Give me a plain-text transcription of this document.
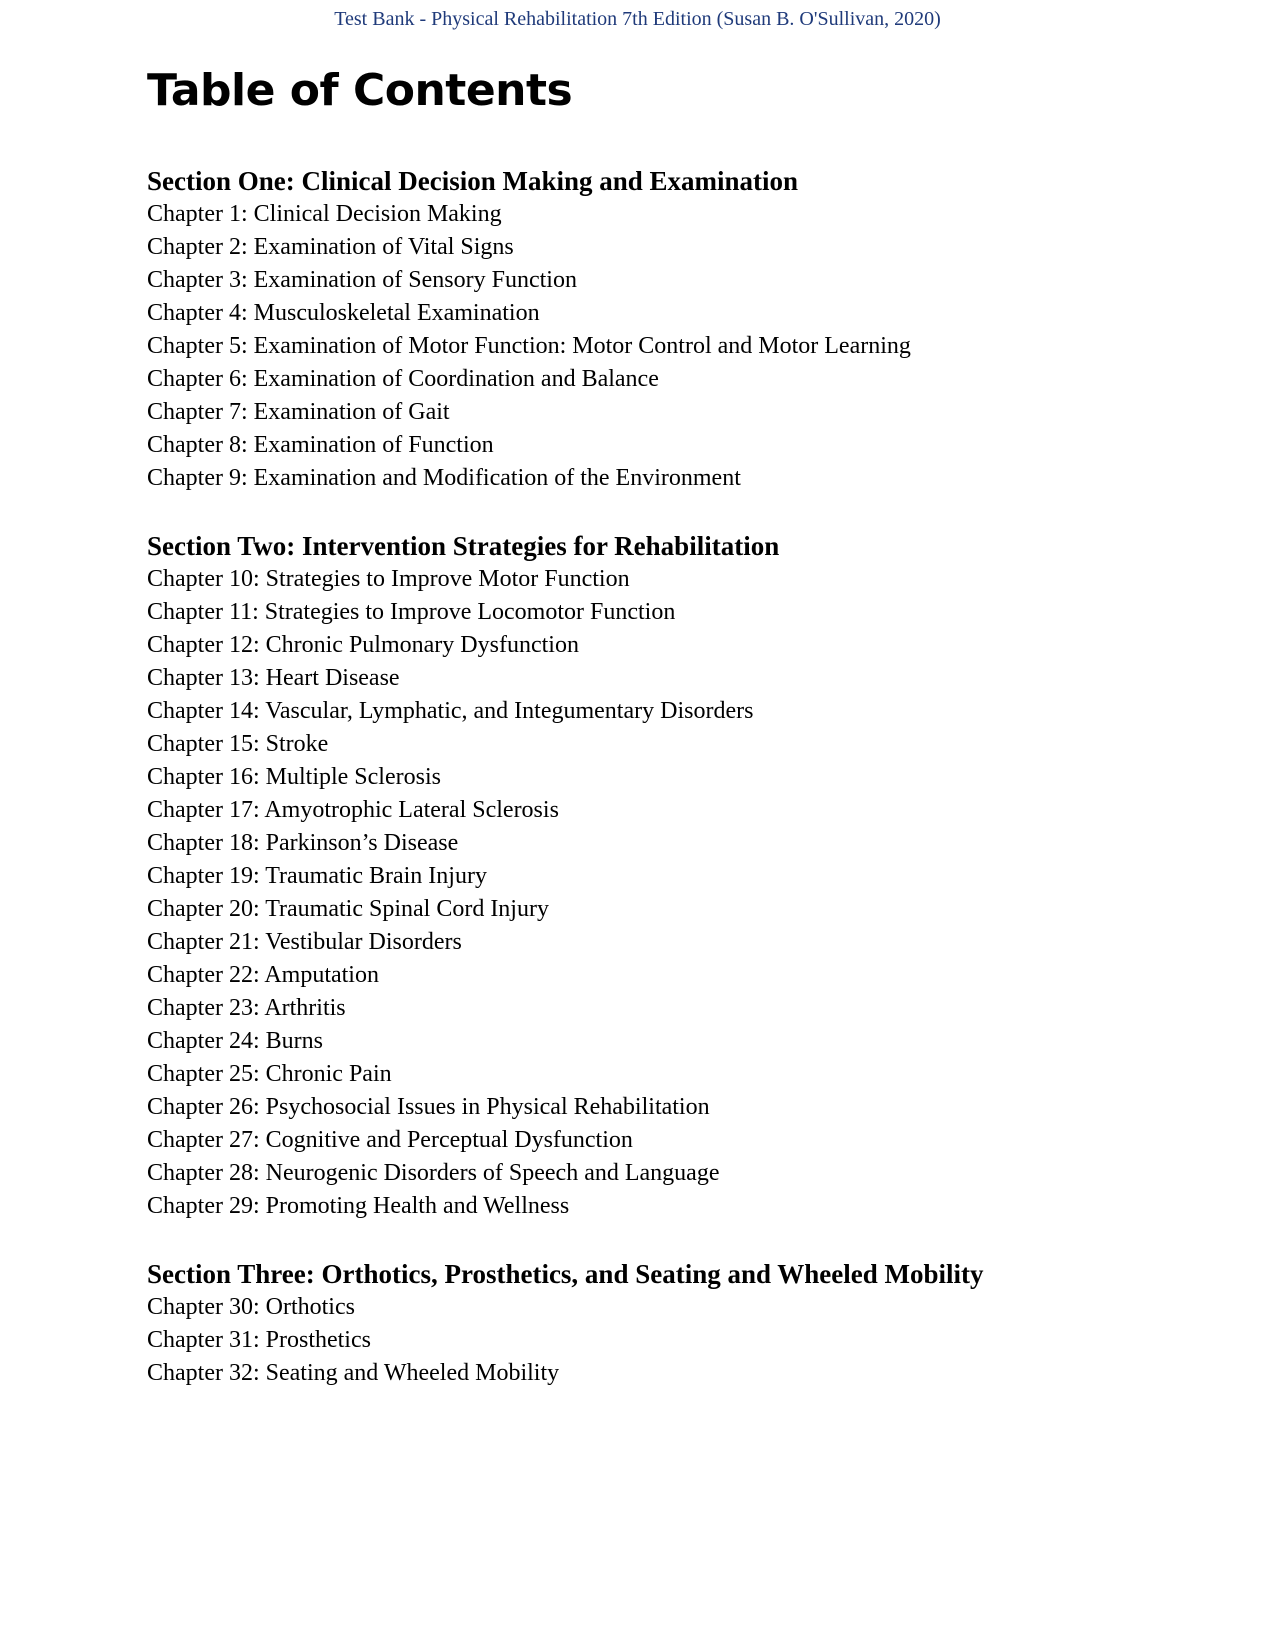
Test Bank - Physical Rehabilitation 7th Edition (Susan B. O'Sullivan, 2020)
Table of Contents
Section One: Clinical Decision Making and Examination
Chapter 1: Clinical Decision Making
Chapter 2: Examination of Vital Signs
Chapter 3: Examination of Sensory Function
Chapter 4: Musculoskeletal Examination
Chapter 5: Examination of Motor Function: Motor Control and Motor Learning
Chapter 6: Examination of Coordination and Balance
Chapter 7: Examination of Gait
Chapter 8: Examination of Function
Chapter 9: Examination and Modification of the Environment
Section Two: Intervention Strategies for Rehabilitation
Chapter 10: Strategies to Improve Motor Function
Chapter 11: Strategies to Improve Locomotor Function
Chapter 12: Chronic Pulmonary Dysfunction
Chapter 13: Heart Disease
Chapter 14: Vascular, Lymphatic, and Integumentary Disorders
Chapter 15: Stroke
Chapter 16: Multiple Sclerosis
Chapter 17: Amyotrophic Lateral Sclerosis
Chapter 18: Parkinson’s Disease
Chapter 19: Traumatic Brain Injury
Chapter 20: Traumatic Spinal Cord Injury
Chapter 21: Vestibular Disorders
Chapter 22: Amputation
Chapter 23: Arthritis
Chapter 24: Burns
Chapter 25: Chronic Pain
Chapter 26: Psychosocial Issues in Physical Rehabilitation
Chapter 27: Cognitive and Perceptual Dysfunction
Chapter 28: Neurogenic Disorders of Speech and Language
Chapter 29: Promoting Health and Wellness
Section Three: Orthotics, Prosthetics, and Seating and Wheeled Mobility
Chapter 30: Orthotics
Chapter 31: Prosthetics
Chapter 32: Seating and Wheeled Mobility
